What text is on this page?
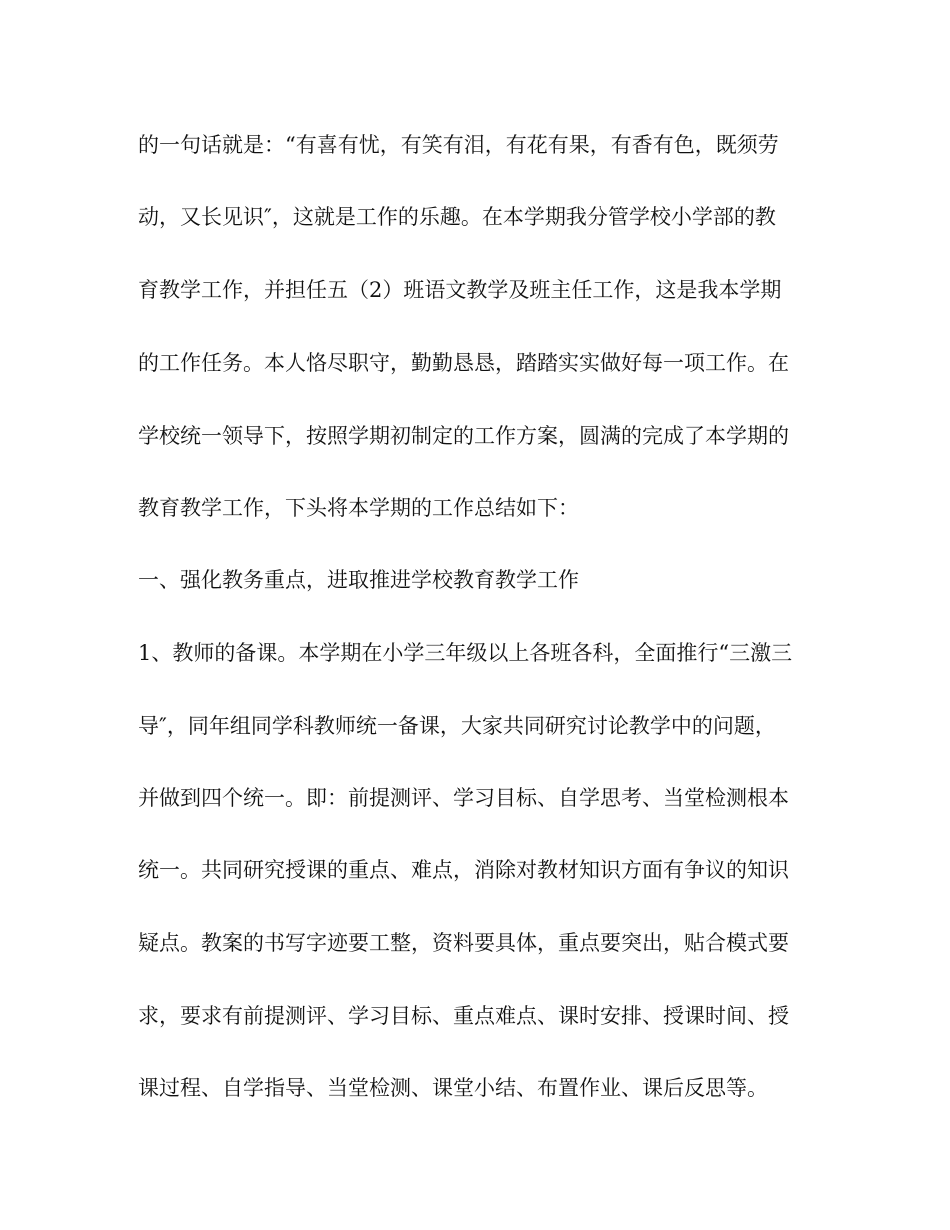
的一句话就是：“有喜有忧，有笑有泪，有花有果，有香有色，既须劳
动，又长见识″，这就是工作的乐趣。在本学期我分管学校小学部的教
育教学工作，并担任五（2）班语文教学及班主任工作，这是我本学期
的工作任务。本人恪尽职守，勤勤恳恳，踏踏实实做好每一项工作。在
学校统一领导下，按照学期初制定的工作方案，圆满的完成了本学期的
教育教学工作，下头将本学期的工作总结如下：
一、强化教务重点，进取推进学校教育教学工作
1、教师的备课。本学期在小学三年级以上各班各科，全面推行“三激三
导″，同年组同学科教师统一备课，大家共同研究讨论教学中的问题，
并做到四个统一。即：前提测评、学习目标、自学思考、当堂检测根本
统一。共同研究授课的重点、难点，消除对教材知识方面有争议的知识
疑点。教案的书写字迹要工整，资料要具体，重点要突出，贴合模式要
求，要求有前提测评、学习目标、重点难点、课时安排、授课时间、授
课过程、自学指导、当堂检测、课堂小结、布置作业、课后反思等。
